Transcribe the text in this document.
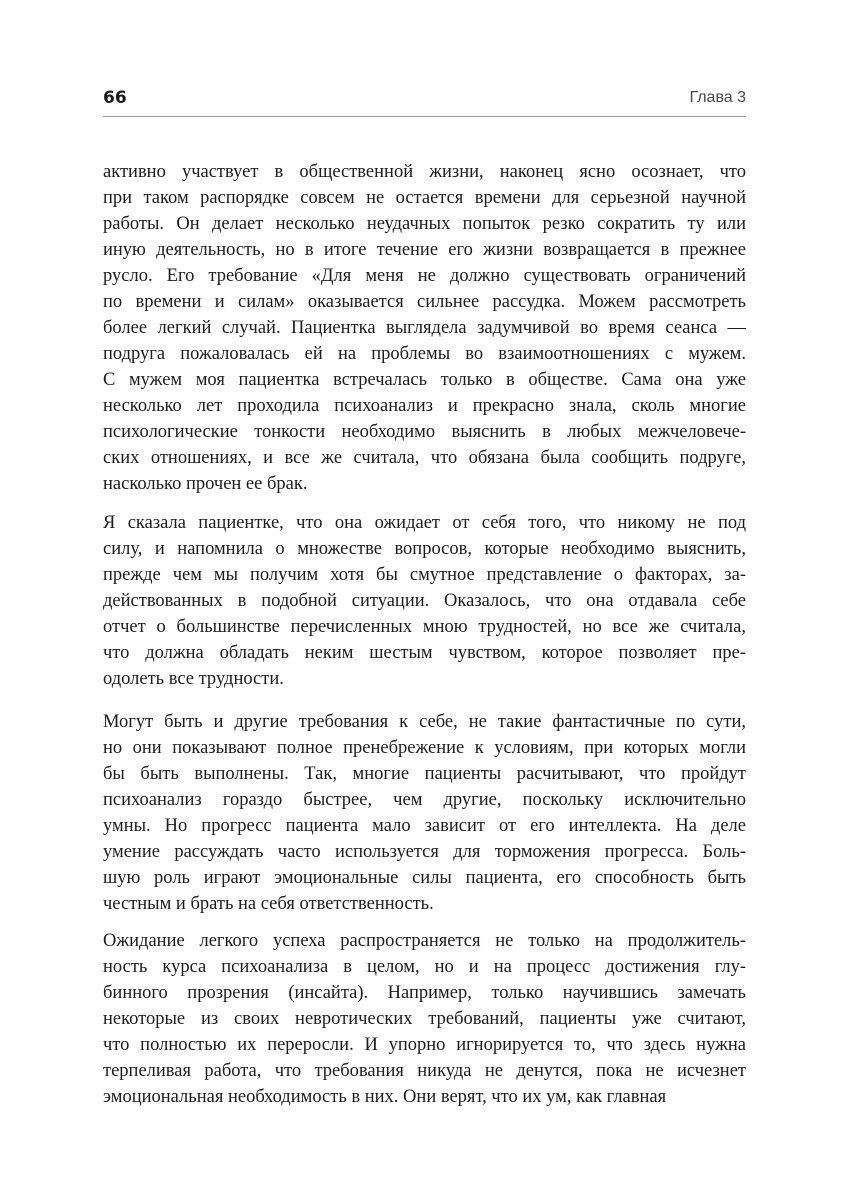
66	Глава 3
активно участвует в общественной жизни, наконец ясно осознает, что
при таком распорядке совсем не остается времени для серьезной научной
работы. Он делает несколько неудачных попыток резко сократить ту или
иную деятельность, но в итоге течение его жизни возвращается в прежнее
русло. Его требование «Для меня не должно существовать ограничений
по времени и силам» оказывается сильнее рассудка. Можем рассмотреть
более легкий случай. Пациентка выглядела задумчивой во время сеанса —
подруга пожаловалась ей на проблемы во взаимоотношениях с мужем.
С мужем моя пациентка встречалась только в обществе. Сама она уже
несколько лет проходила психоанализ и прекрасно знала, сколь многие
психологические тонкости необходимо выяснить в любых межчеловече-
ских отношениях, и все же считала, что обязана была сообщить подруге,
насколько прочен ее брак.
Я сказала пациентке, что она ожидает от себя того, что никому не под
силу, и напомнила о множестве вопросов, которые необходимо выяснить,
прежде чем мы получим хотя бы смутное представление о факторах, за-
действованных в подобной ситуации. Оказалось, что она отдавала себе
отчет о большинстве перечисленных мною трудностей, но все же считала,
что должна обладать неким шестым чувством, которое позволяет пре-
одолеть все трудности.
Могут быть и другие требования к себе, не такие фантастичные по сути,
но они показывают полное пренебрежение к условиям, при которых могли
бы быть выполнены. Так, многие пациенты расчитывают, что пройдут
психоанализ гораздо быстрее, чем другие, поскольку исключительно
умны. Но прогресс пациента мало зависит от его интеллекта. На деле
умение рассуждать часто используется для торможения прогресса. Боль-
шую роль играют эмоциональные силы пациента, его способность быть
честным и брать на себя ответственность.
Ожидание легкого успеха распространяется не только на продолжитель-
ность курса психоанализа в целом, но и на процесс достижения глу-
бинного прозрения (инсайта). Например, только научившись замечать
некоторые из своих невротических требований, пациенты уже считают,
что полностью их переросли. И упорно игнорируется то, что здесь нужна
терпеливая работа, что требования никуда не денутся, пока не исчезнет
эмоциональная необходимость в них. Они верят, что их ум, как главная
